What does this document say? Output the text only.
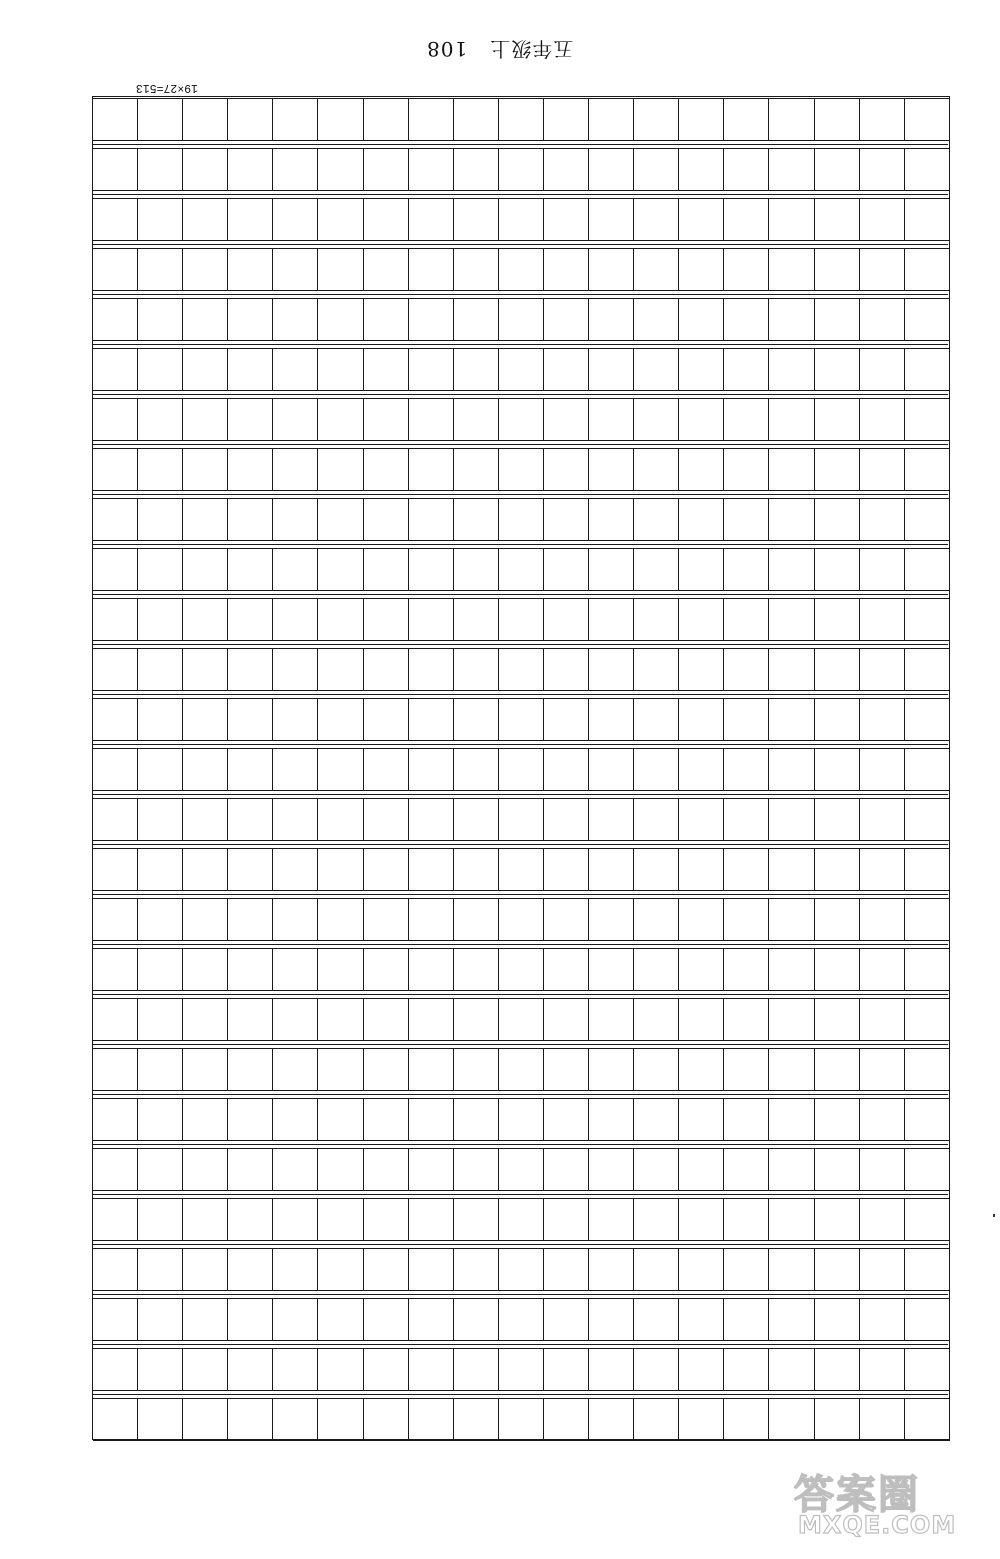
五年级上108
19×27=513
答案圈
MXQE.COM
